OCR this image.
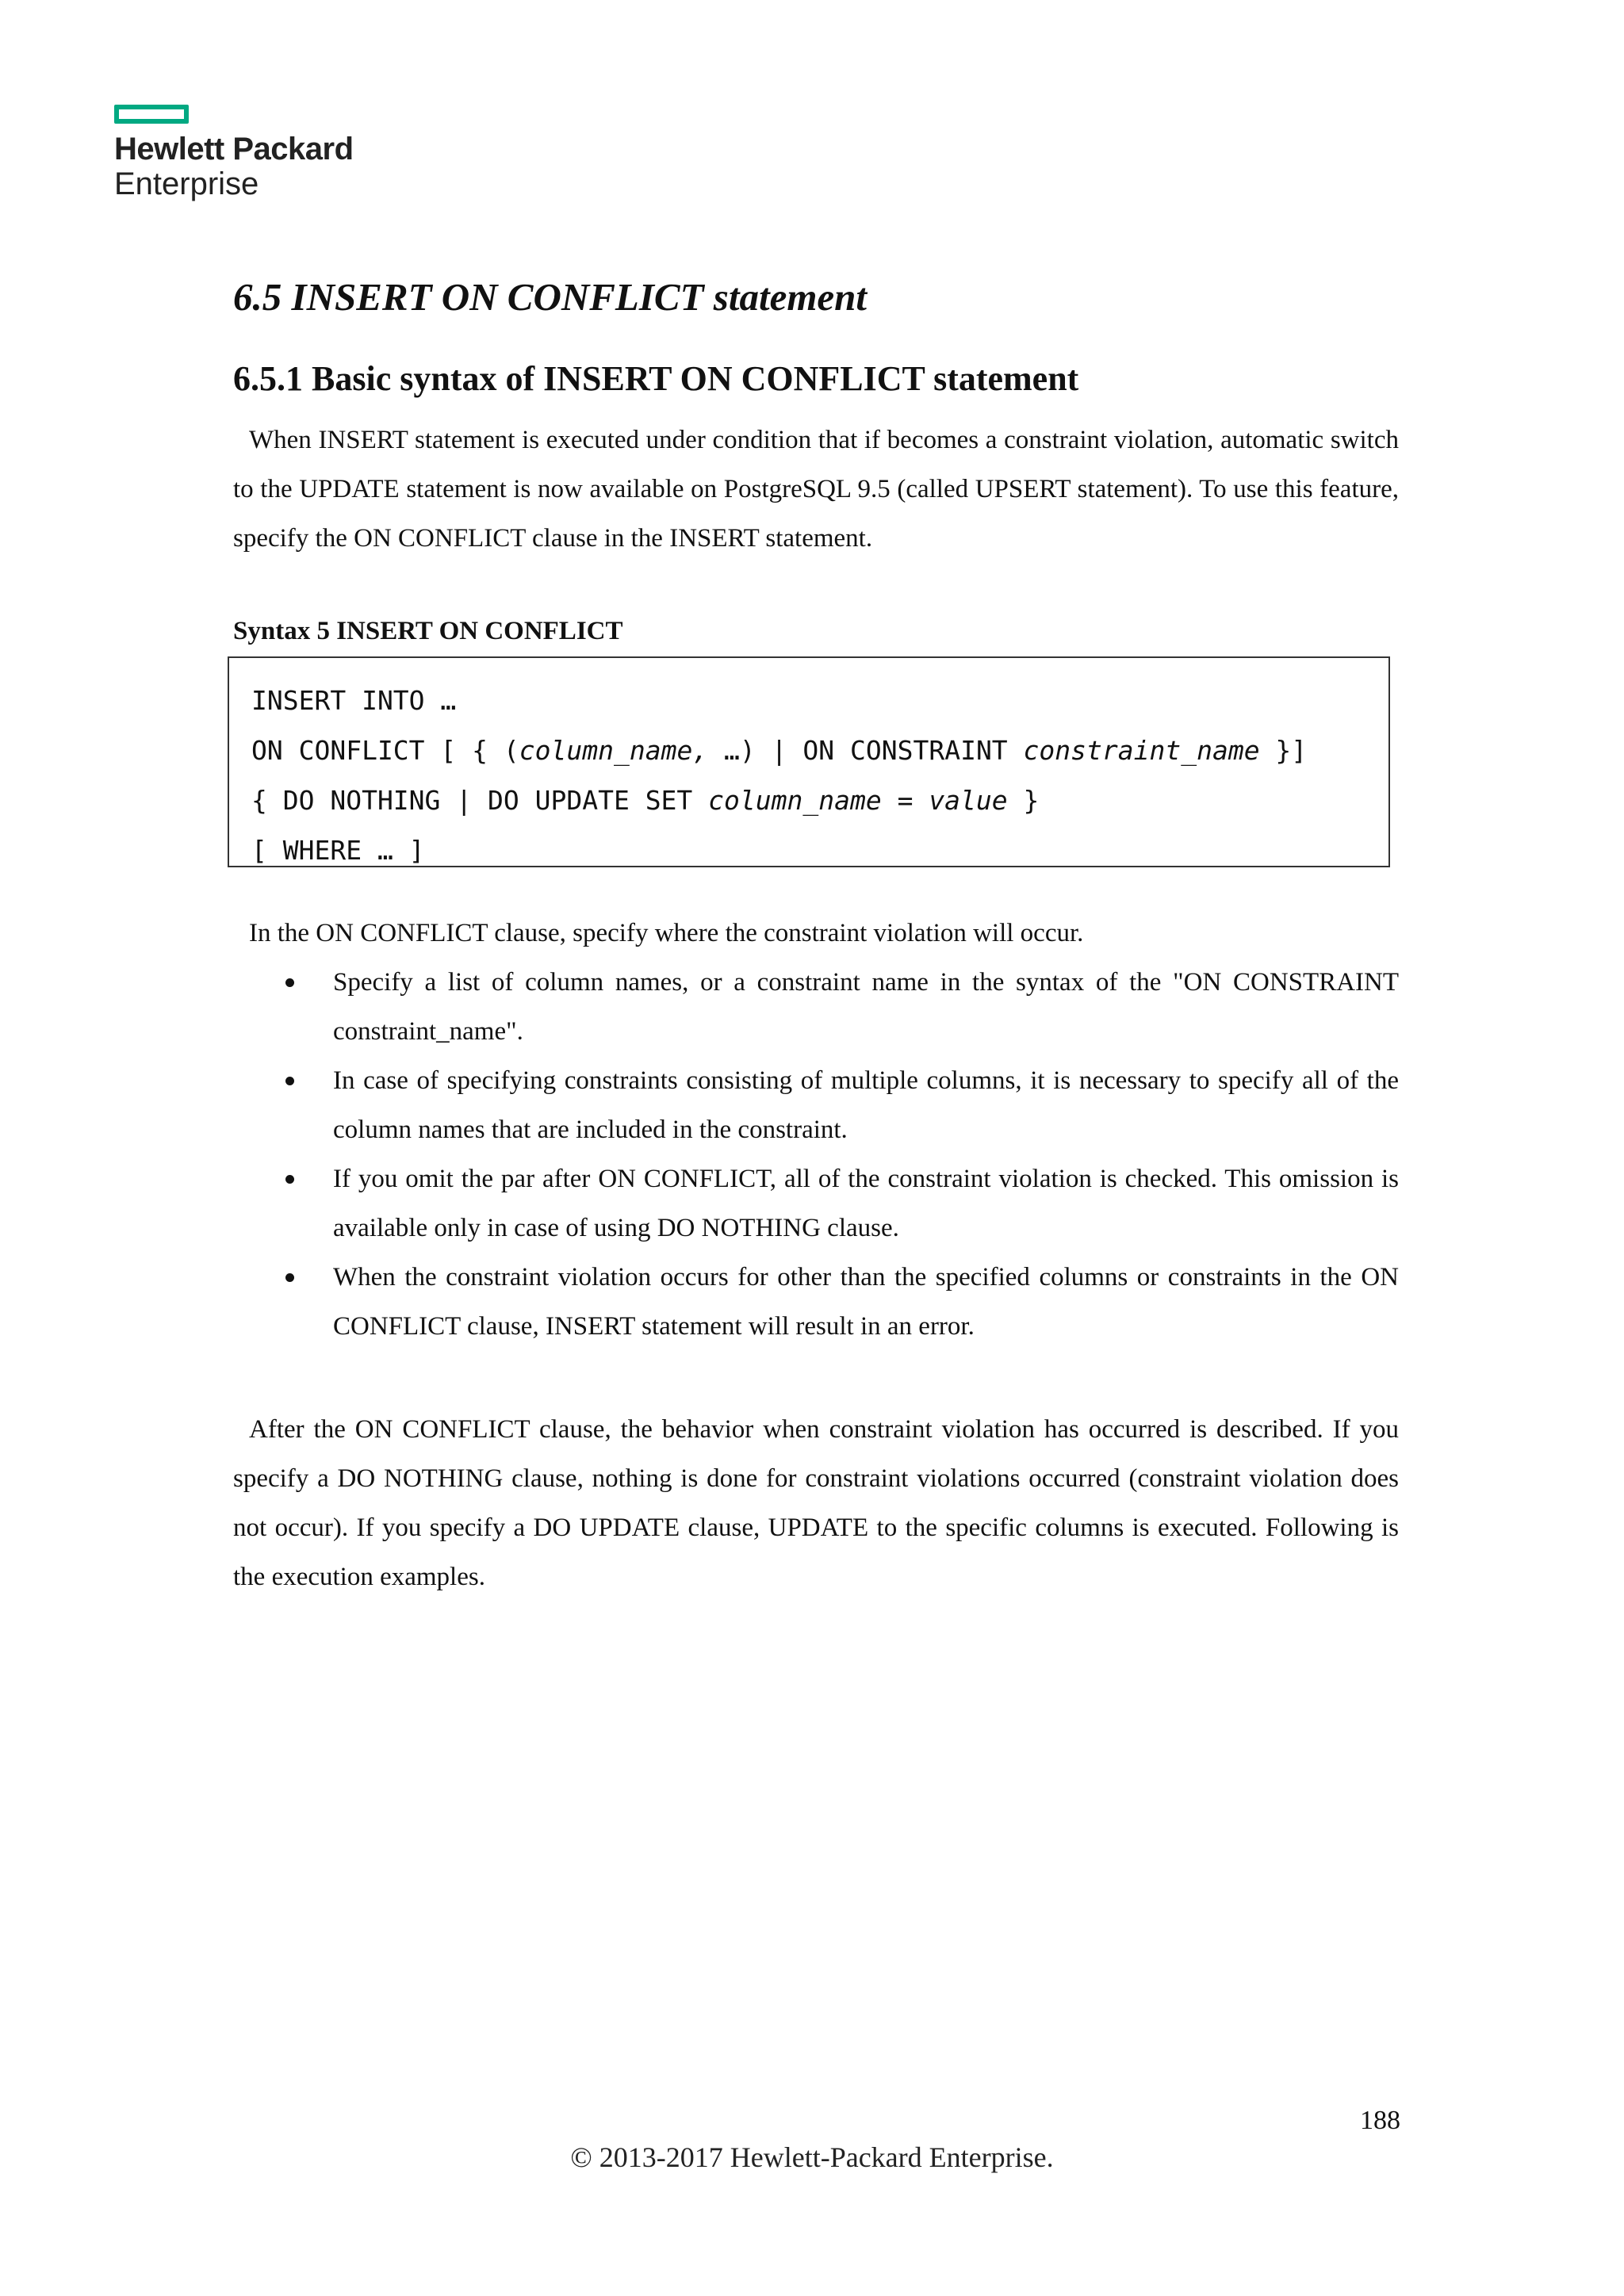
Hewlett Packard
Enterprise
6.5 INSERT ON CONFLICT statement
6.5.1 Basic syntax of INSERT ON CONFLICT statement

When INSERT statement is executed under condition that if becomes a constraint violation, automatic switch to the UPDATE statement is now available on PostgreSQL 9.5 (called UPSERT statement). To use this feature, specify the ON CONFLICT clause in the INSERT statement.

Syntax 5 INSERT ON CONFLICT

INSERT INTO …
ON CONFLICT [ { (column_name, …) | ON CONSTRAINT constraint_name }]
{ DO NOTHING | DO UPDATE SET column_name = value }
[ WHERE … ]

In the ON CONFLICT clause, specify where the constraint violation will occur.

Specify a list of column names, or a constraint name in the syntax of the "ON CONSTRAINT constraint_name".
In case of specifying constraints consisting of multiple columns, it is necessary to specify all of the column names that are included in the constraint.
If you omit the par after ON CONFLICT, all of the constraint violation is checked. This omission is available only in case of using DO NOTHING clause.
When the constraint violation occurs for other than the specified columns or constraints in the ON CONFLICT clause, INSERT statement will result in an error.

After the ON CONFLICT clause, the behavior when constraint violation has occurred is described. If you specify a DO NOTHING clause, nothing is done for constraint violations occurred (constraint violation does not occur). If you specify a DO UPDATE clause, UPDATE to the specific columns is executed. Following is the execution examples.

188
© 2013-2017 Hewlett-Packard Enterprise.
